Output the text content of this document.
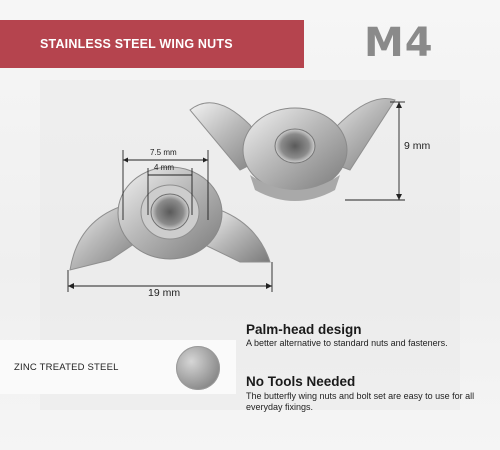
STAINLESS STEEL WING NUTS	M4
7.5 mm
4 mm
9 mm
19 mm
ZINC TREATED STEEL
Palm-head design
A better alternative to standard nuts and fasteners.
No Tools Needed
The butterfly wing nuts and bolt set are easy to use for all everyday fixings.
